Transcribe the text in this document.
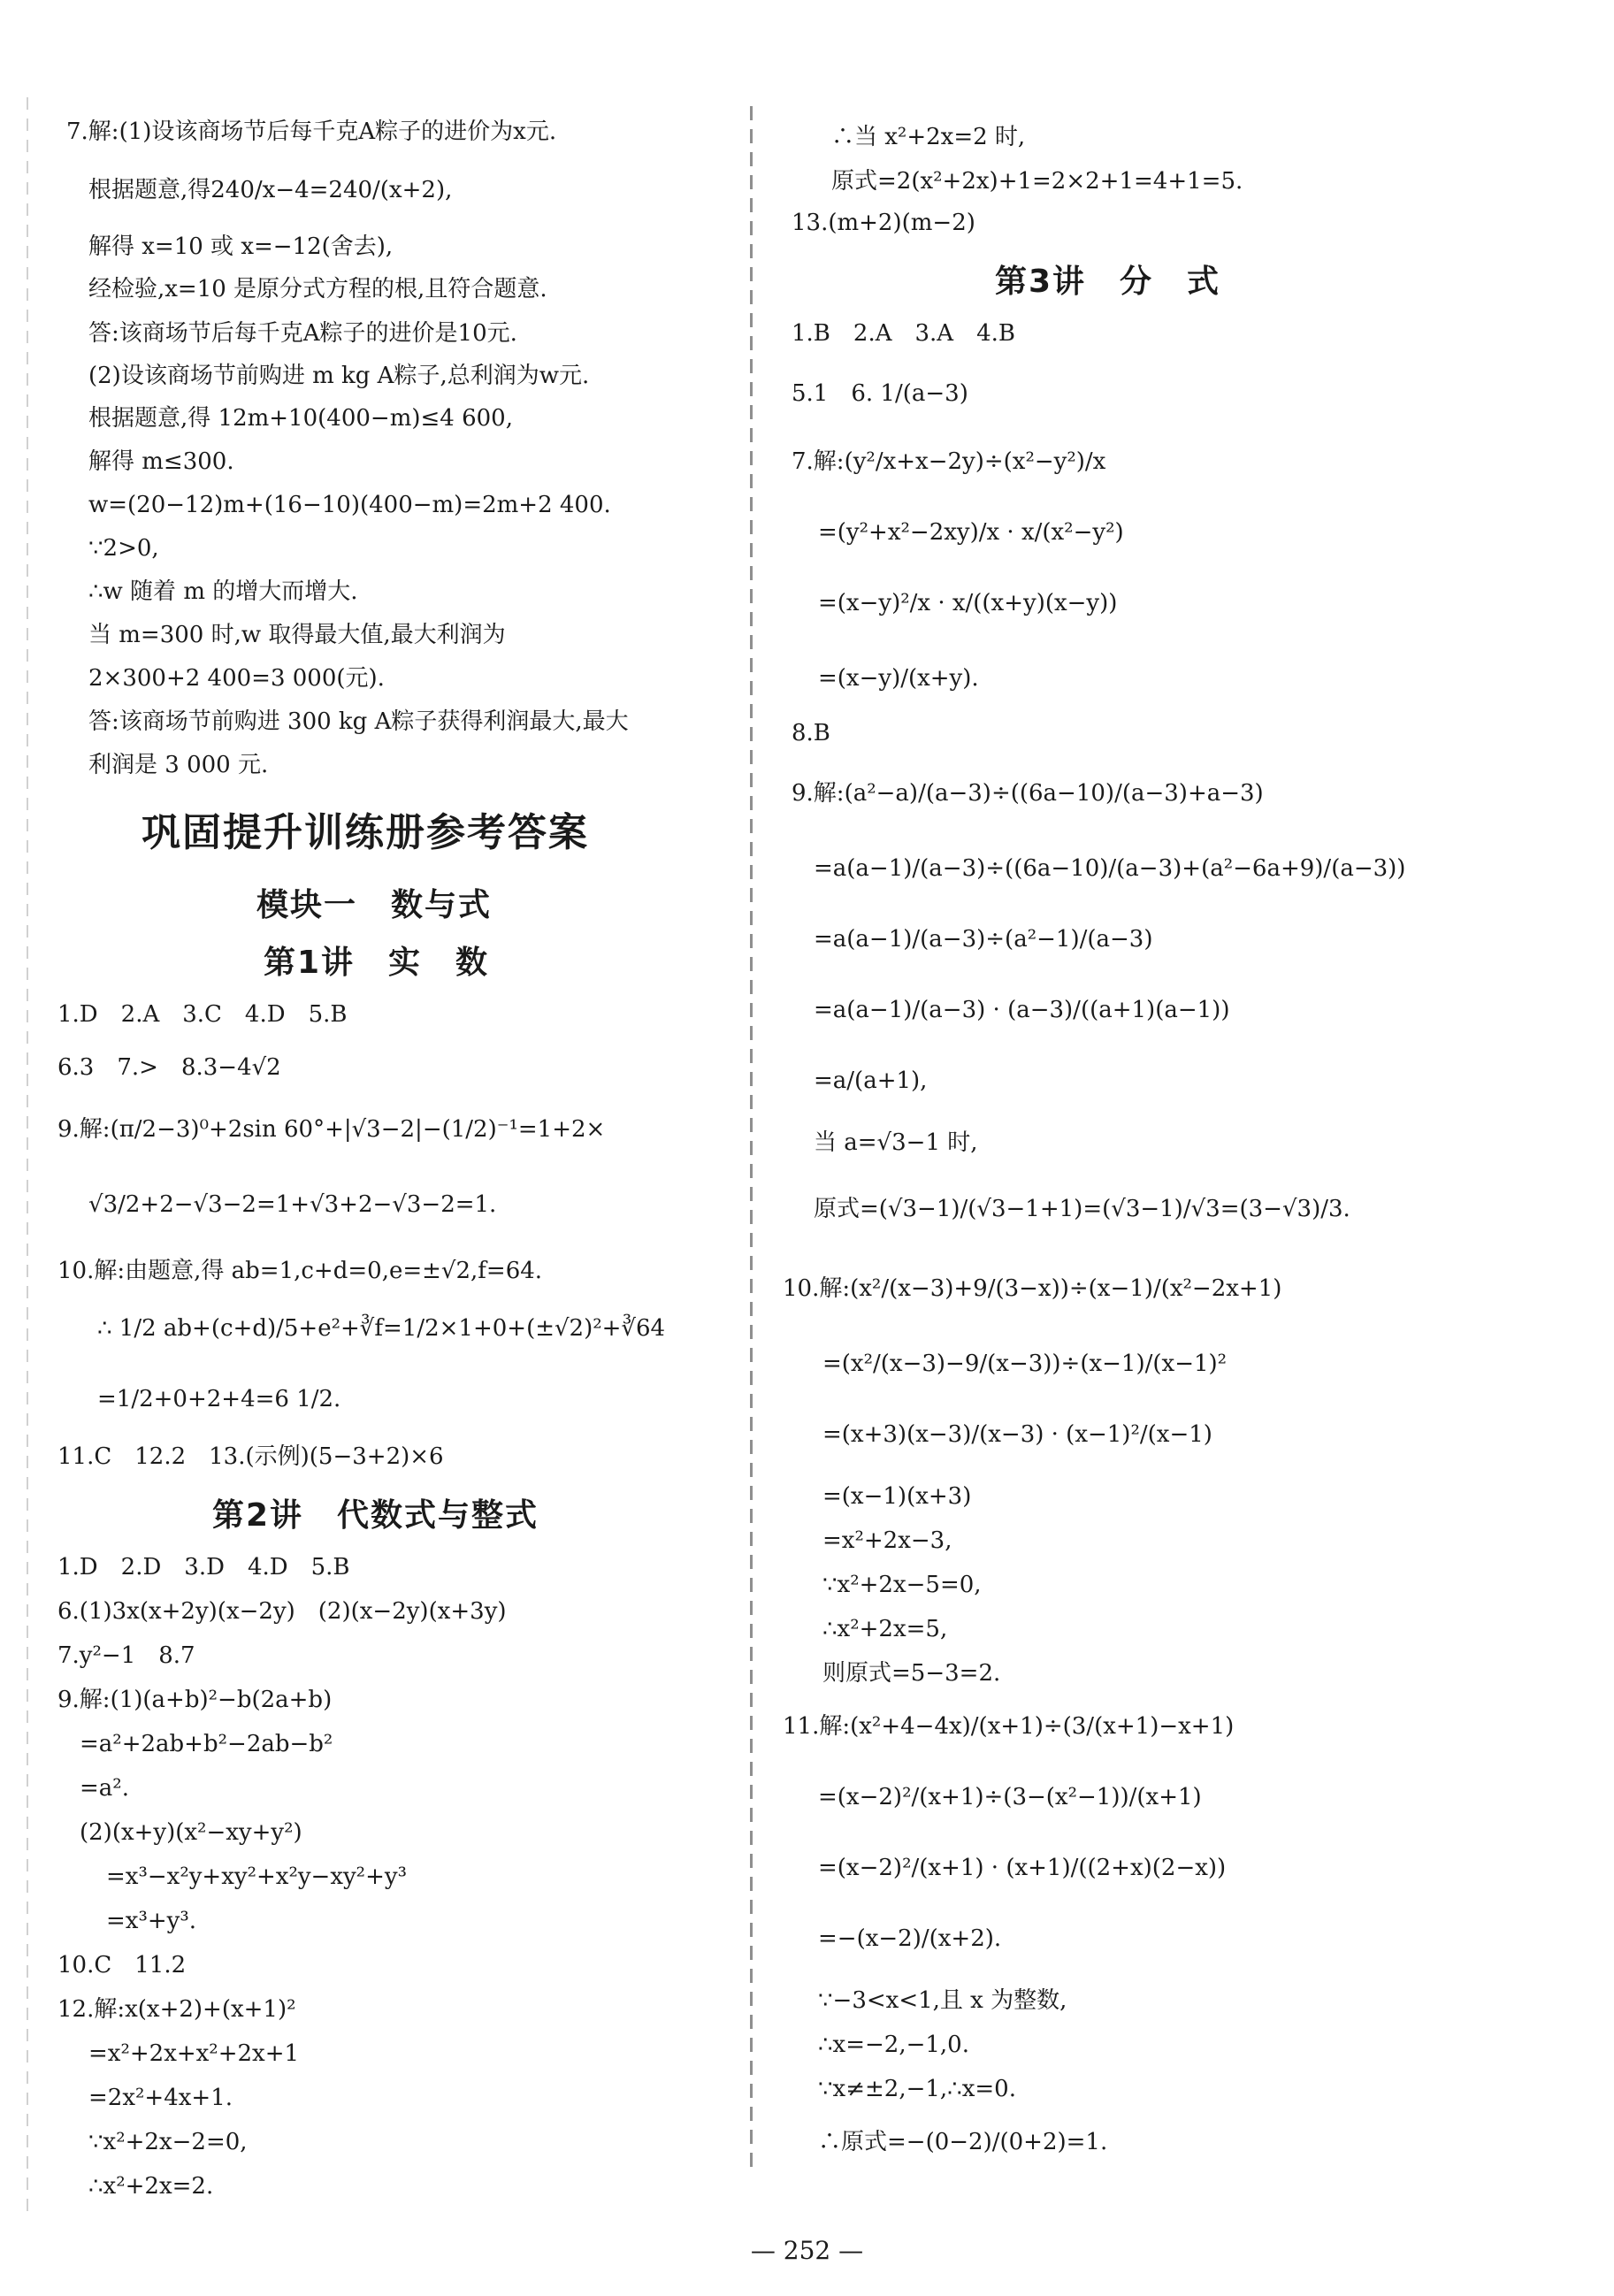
7.解:(1)设该商场节后每千克A粽子的进价为x元.
根据题意,得240/x−4=240/(x+2),
解得 x=10 或 x=−12(舍去),
经检验,x=10 是原分式方程的根,且符合题意.
答:该商场节后每千克A粽子的进价是10元.
(2)设该商场节前购进 m kg A粽子,总利润为w元.
根据题意,得 12m+10(400−m)≤4 600,
解得 m≤300.
w=(20−12)m+(16−10)(400−m)=2m+2 400.
∵2>0,
∴w 随着 m 的增大而增大.
当 m=300 时,w 取得最大值,最大利润为
2×300+2 400=3 000(元).
答:该商场节前购进 300 kg A粽子获得利润最大,最大
利润是 3 000 元.
巩固提升训练册参考答案
模块一　数与式
第1讲　实　数
1.D　2.A　3.C　4.D　5.B
6.3　7.>　8.3−4√2
9.解:(π/2−3)⁰+2sin 60°+|√3−2|−(1/2)⁻¹=1+2×
√3/2+2−√3−2=1+√3+2−√3−2=1.
10.解:由题意,得 ab=1,c+d=0,e=±√2,f=64.
∴ 1/2 ab+(c+d)/5+e²+∛f=1/2×1+0+(±√2)²+∛64
=1/2+0+2+4=6 1/2.
11.C　12.2　13.(示例)(5−3+2)×6
第2讲　代数式与整式
1.D　2.D　3.D　4.D　5.B
6.(1)3x(x+2y)(x−2y)　(2)(x−2y)(x+3y)
7.y²−1　8.7
9.解:(1)(a+b)²−b(2a+b)
=a²+2ab+b²−2ab−b²
=a².
(2)(x+y)(x²−xy+y²)
=x³−x²y+xy²+x²y−xy²+y³
=x³+y³.
10.C　11.2
12.解:x(x+2)+(x+1)²
=x²+2x+x²+2x+1
=2x²+4x+1.
∵x²+2x−2=0,
∴x²+2x=2.
∴当 x²+2x=2 时,
原式=2(x²+2x)+1=2×2+1=4+1=5.
13.(m+2)(m−2)
第3讲　分　式
1.B　2.A　3.A　4.B
5.1　6. 1/(a−3)
7.解:(y²/x+x−2y)÷(x²−y²)/x
=(y²+x²−2xy)/x · x/(x²−y²)
=(x−y)²/x · x/((x+y)(x−y))
=(x−y)/(x+y).
8.B
9.解:(a²−a)/(a−3)÷((6a−10)/(a−3)+a−3)
=a(a−1)/(a−3)÷((6a−10)/(a−3)+(a²−6a+9)/(a−3))
=a(a−1)/(a−3)÷(a²−1)/(a−3)
=a(a−1)/(a−3) · (a−3)/((a+1)(a−1))
=a/(a+1),
当 a=√3−1 时,
原式=(√3−1)/(√3−1+1)=(√3−1)/√3=(3−√3)/3.
10.解:(x²/(x−3)+9/(3−x))÷(x−1)/(x²−2x+1)
=(x²/(x−3)−9/(x−3))÷(x−1)/(x−1)²
=(x+3)(x−3)/(x−3) · (x−1)²/(x−1)
=(x−1)(x+3)
=x²+2x−3,
∵x²+2x−5=0,
∴x²+2x=5,
则原式=5−3=2.
11.解:(x²+4−4x)/(x+1)÷(3/(x+1)−x+1)
=(x−2)²/(x+1)÷(3−(x²−1))/(x+1)
=(x−2)²/(x+1) · (x+1)/((2+x)(2−x))
=−(x−2)/(x+2).
∵−3<x<1,且 x 为整数,
∴x=−2,−1,0.
∵x≠±2,−1,∴x=0.
∴原式=−(0−2)/(0+2)=1.
— 252 —
